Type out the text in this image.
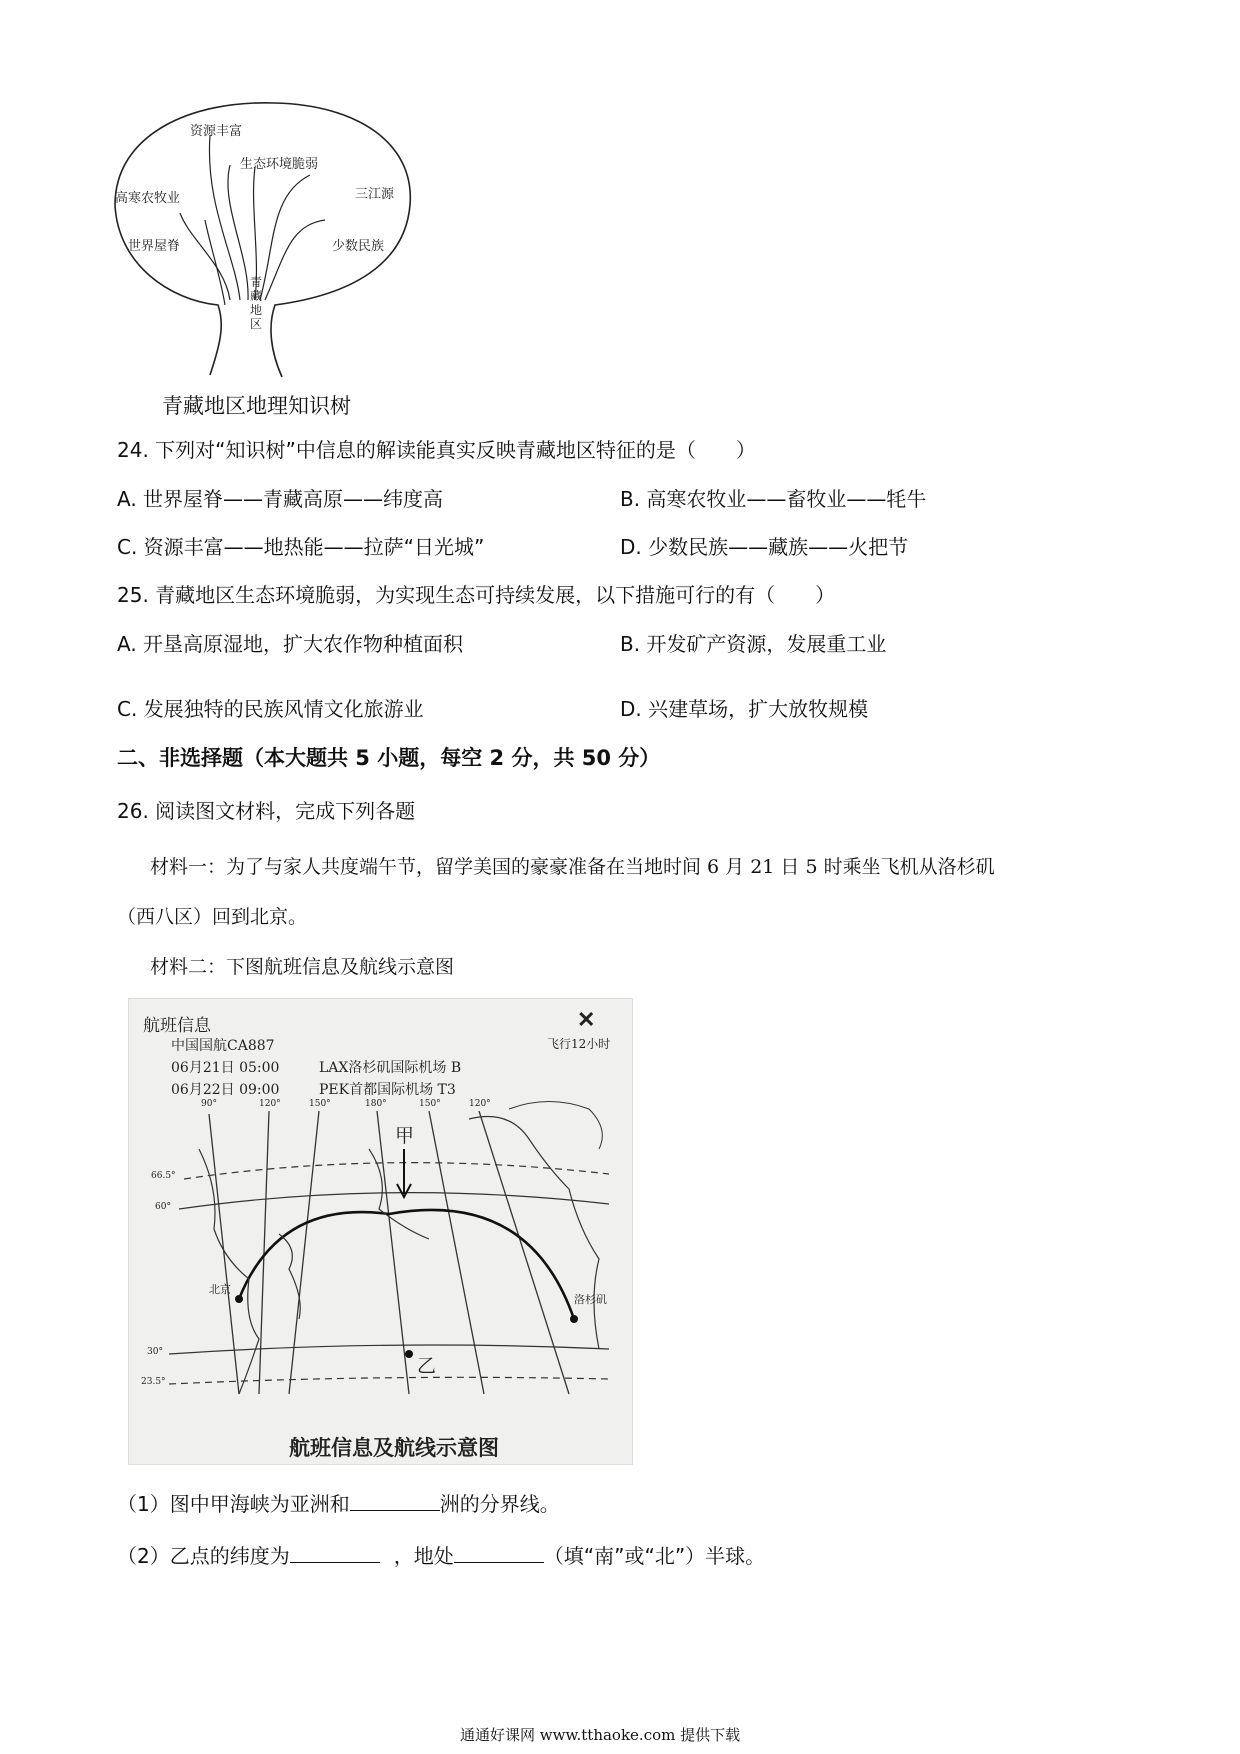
资源丰富
生态环境脆弱
高寒农牧业	三江源
世界屋脊	少数民族
青藏地区
青藏地区地理知识树
24. 下列对“知识树”中信息的解读能真实反映青藏地区特征的是（　　）
A. 世界屋脊——青藏高原——纬度高	B. 高寒农牧业——畜牧业——牦牛
C. 资源丰富——地热能——拉萨“日光城”	D. 少数民族——藏族——火把节
25. 青藏地区生态环境脆弱，为实现生态可持续发展，以下措施可行的有（　　）
A. 开垦高原湿地，扩大农作物种植面积	B. 开发矿产资源，发展重工业
C. 发展独特的民族风情文化旅游业	D. 兴建草场，扩大放牧规模
二、非选择题（本大题共 5 小题，每空 2 分，共 50 分）
26. 阅读图文材料，完成下列各题
材料一：为了与家人共度端午节，留学美国的豪豪准备在当地时间 6 月 21 日 5 时乘坐飞机从洛杉矶
（西八区）回到北京。
材料二：下图航班信息及航线示意图
航班信息	✕
中国国航CA887	飞行12小时
06月21日 05:00	LAX洛杉矶国际机场 B
06月22日 09:00	PEK首都国际机场 T3
90°	120°	150°	180°	150°	120°
66.5°
60°
30°
23.5°
甲
乙
北京
洛杉矶
航班信息及航线示意图
（1）图中甲海峡为亚洲和	洲的分界线。
（2）乙点的纬度为	，地处	（填“南”或“北”）半球。
通通好课网 www.tthaoke.com 提供下载
